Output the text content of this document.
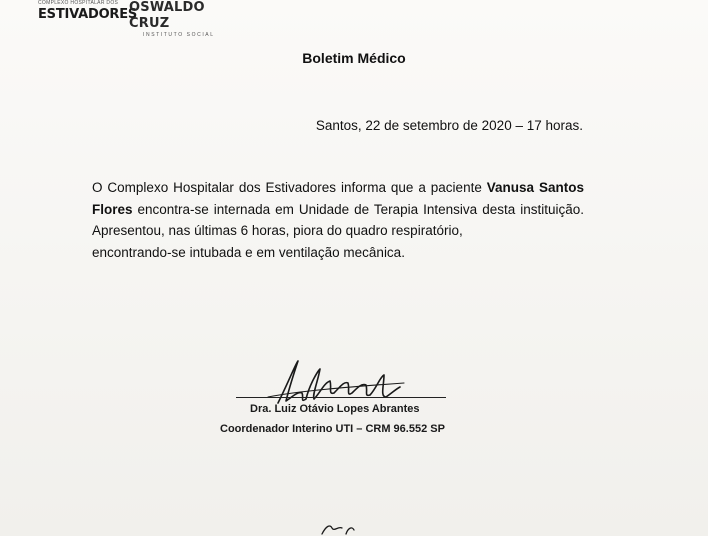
COMPLEXO HOSPITALAR DOS
ESTIVADORES
OSWALDO CRUZ
INSTITUTO SOCIAL
Boletim Médico
Santos, 22 de setembro de 2020 – 17 horas.
O Complexo Hospitalar dos Estivadores informa que a paciente Vanusa Santos Flores encontra-se internada em Unidade de Terapia Intensiva desta instituição. Apresentou, nas últimas 6 horas, piora do quadro respiratório,
encontrando-se intubada e em ventilação mecânica.
Dra. Luiz Otávio Lopes Abrantes
Coordenador Interino UTI – CRM 96.552 SP
